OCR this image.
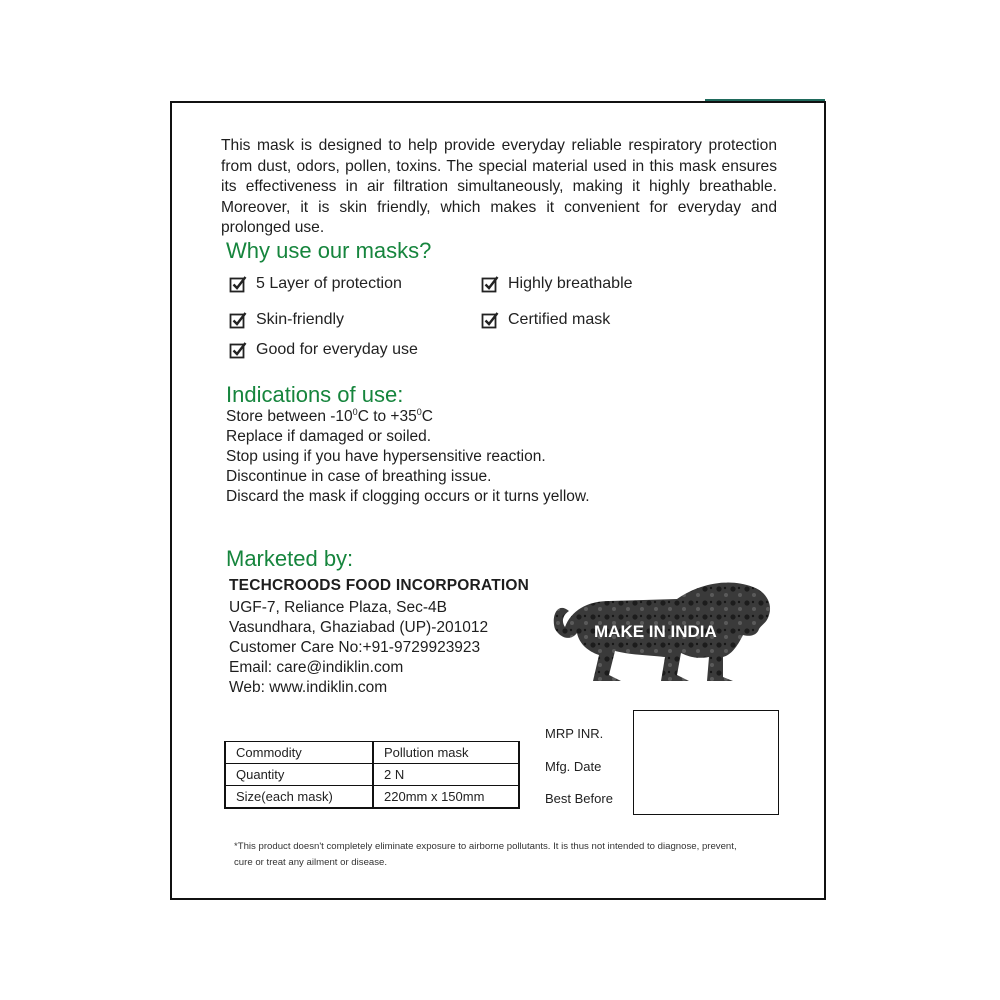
This mask is designed to help provide everyday reliable respiratory protection from dust, odors, pollen, toxins. The special material used in this mask ensures its effectiveness in air filtration simultaneously, making it highly breathable. Moreover, it is skin friendly, which makes it convenient for everyday and prolonged use.
Why use our masks?
5 Layer of protection	Highly breathable
Skin-friendly	Certified mask
Good for everyday use
Indications of use:
Store between $-10^0C$ to $+35^0C$
Replace if damaged or soiled.
Stop using if you have hypersensitive reaction.
Discontinue in case of breathing issue.
Discard the mask if clogging occurs or it turns yellow.
Marketed by:
TECHCROODS FOOD INCORPORATION
UGF-7, Reliance Plaza, Sec-4B
Vasundhara, Ghaziabad (UP)-201012
Customer Care No:+91-9729923923
Email: care@indiklin.com
Web: www.indiklin.com
MAKE IN INDIA
Commodity	Pollution mask
Quantity	2 N
Size(each mask)	220mm x 150mm
MRP INR.
Mfg. Date
Best Before
*This product doesn't completely eliminate exposure to airborne pollutants. It is thus not intended to diagnose, prevent, cure or treat any ailment or disease.
